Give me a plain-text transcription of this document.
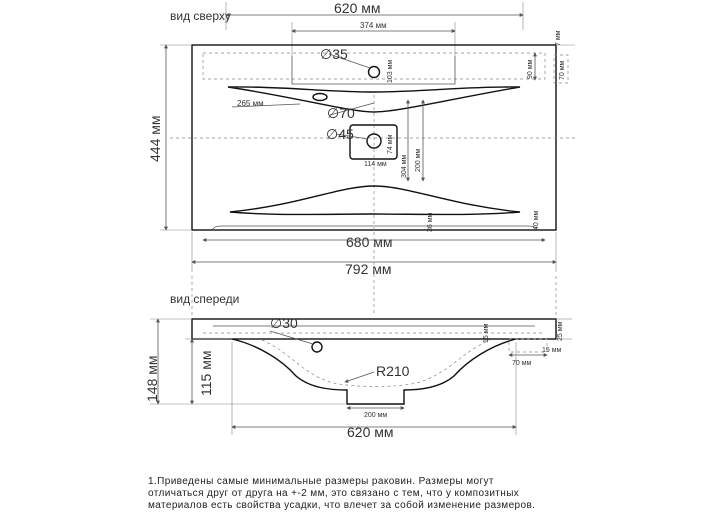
вид сверху	620 мм
374 мм
∅35
103 мм	90 мм	70 мм
7 мм
265 мм
∅70
∅45
74 мм
114 мм 304 мм 200 мм
444 мм
36 мм	40 мм
680 мм
792 мм
вид спереди
∅30
R210
25 мм
15 мм
70 мм
15 мм
148 мм	115 мм
200 мм
620 мм
1.Приведены самые минимальные размеры раковин. Размеры могут
отличаться друг от друга на +-2 мм, это связано с тем, что у композитных
материалов есть свойства усадки, что влечет за собой изменение размеров.
